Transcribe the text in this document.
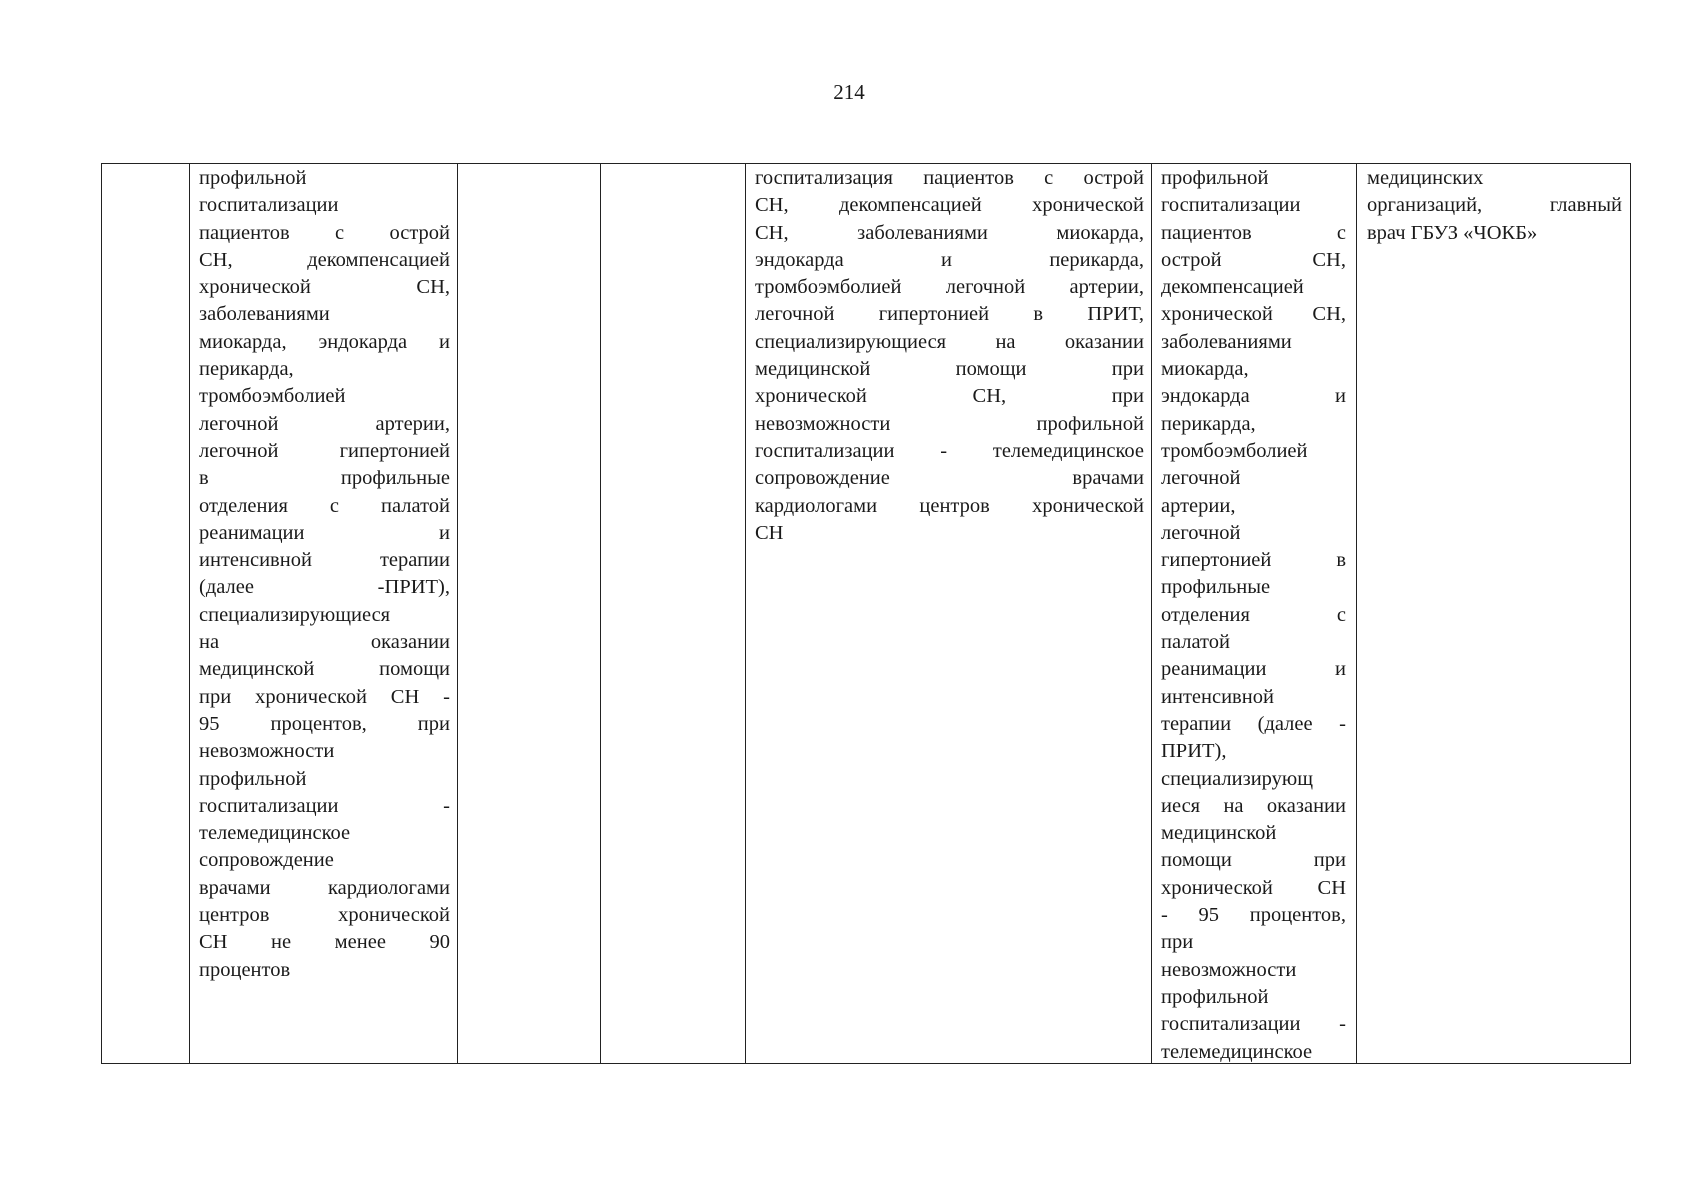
214
профильной
госпитализации
пациентов с острой
СН, декомпенсацией
хронической СН,
заболеваниями
миокарда, эндокарда и
перикарда,
тромбоэмболией
легочной артерии,
легочной гипертонией
в профильные
отделения с палатой
реанимации и
интенсивной терапии
(далее -ПРИТ),
специализирующиеся
на оказании
медицинской помощи
при хронической СН -
95 процентов, при
невозможности
профильной
госпитализации -
телемедицинское
сопровождение
врачами кардиологами
центров хронической
СН не менее 90
процентов
госпитализация пациентов с острой
СН, декомпенсацией хронической
СН, заболеваниями миокарда,
эндокарда и перикарда,
тромбоэмболией легочной артерии,
легочной гипертонией в ПРИТ,
специализирующиеся на оказании
медицинской помощи при
хронической СН, при
невозможности профильной
госпитализации - телемедицинское
сопровождение врачами
кардиологами центров хронической
СН
профильной
госпитализации
пациентов с
острой СН,
декомпенсацией
хронической СН,
заболеваниями
миокарда,
эндокарда и
перикарда,
тромбоэмболией
легочной
артерии,
легочной
гипертонией в
профильные
отделения с
палатой
реанимации и
интенсивной
терапии (далее -
ПРИТ),
специализирующ
иеся на оказании
медицинской
помощи при
хронической СН
- 95 процентов,
при
невозможности
профильной
госпитализации -
телемедицинское
медицинских
организаций, главный
врач ГБУЗ «ЧОКБ»
